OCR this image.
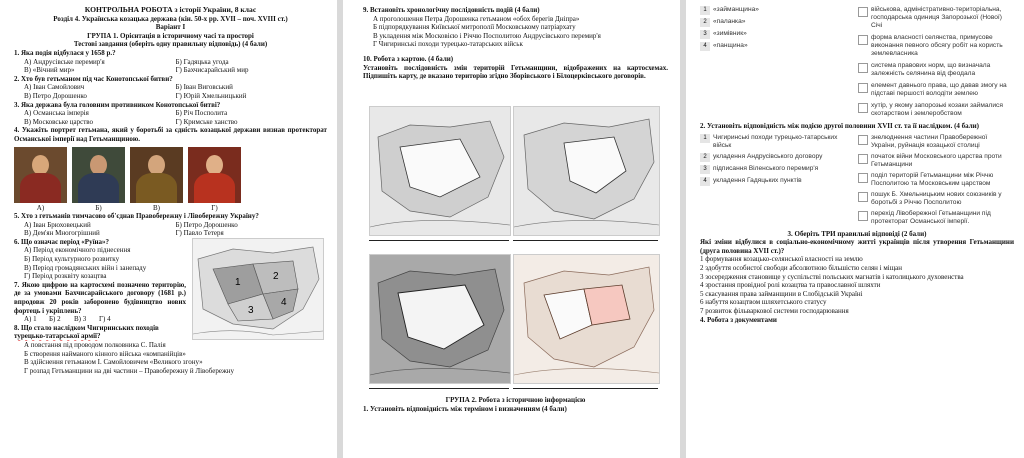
КОНТРОЛЬНА РОБОТА з історії України, 8 клас
Розділ 4. Українська козацька держава (кін. 50-х рр. XVII – поч. XVIII ст.)
Варіант І
ГРУПА 1. Орієнтація в історичному часі та просторі
Тестові завдання (оберіть одну правильну відповідь) (4 бали)
1. Яка подія відбулася у 1658 р.?
А) Андрусівське перемир'я	Б) Гадяцька угода
В) «Вічний мир»	Г) Бахчисарайський мир
2. Хто був гетьманом під час Конотопської битви?
А) Іван Самойлович	Б) Іван Виговський
В) Петро Дорошенко	Г) Юрій Хмельницький
3. Яка держава була головним противником Конотопської битві?
А) Османська імперія	Б) Річ Посполита
В) Московське царство	Г) Кримське ханство
4. Укажіть портрет гетьмана, який у боротьбі за єдність козацької держави визнав протекторат Османської імперії над Гетьманщиною.
А)	Б)	В)	Г)
5. Хто з гетьманів тимчасово об'єднав Правобережну і Лівобережну Україну?
А) Іван Брюховецький	Б) Петро Дорошенко
В) Дем'ян Многогрішний	Г) Павло Тетеря
6. Що означає період «Руїна»?
А) Період економічного піднесення
Б) Період культурного розвитку
В) Період громадянських війн і занепаду
Г) Період розквіту козацтва
7. Якою цифрою на картосхемі позначено територію, де за умовами Бахчисарайського договору (1681 р.) впродовж 20 років заборонено будівництво нових фортець і укріплень?
А) 1	Б) 2	В) 3	Г) 4
8. Що стало наслідком Чигиринських походів
1
2
3
4
турецько-татарської армії?
А повстання під проводом полковника С. Палія
Б створення найманого кінного війська «компанійців»
В здійснення гетьманом І. Самойловичем «Великого згону»
Г розпад Гетьманщини на дві частини – Правобережну й Лівобережну
9. Встановіть хронологічну послідовність подій (4 бали)
А проголошення Петра Дорошенка гетьманом «обох берегів Дніпра»
Б підпорядкування Київської митрополії Московському патріархату
В укладення між Московією і Річчю Посполитою Андрусівського перемир'я
Г Чигиринські походи турецько-татарських військ
10. Робота з картою. (4 бали)
Установіть послідовність змін територій Гетьманщини, відображених на картосхемах. Підпишіть карту, де вказано територію згідно Зборівського і Білоцерківського договорів.
ГРУПА 2. Робота з історичною інформацією
1. Установіть відповідність між терміном і визначенням (4 бали)
1 «займанщина»
2 «паланка»
3 «зимівник»
4 «панщина»
військова, адміністративно-територіальна, господарська одиниця Запорозької (Нової) Січі
форма власності селянства, примусове виконання певного обсягу робіт на користь землевласника
система правових норм, що визначала залежність селянина від феодала
елемент давнього права, що давав змогу на підставі першості володіти землею
хутір, у якому запорозькі козаки займалися скотарством і землеробством
2. Установіть відповідність між подією другої половини XVII ст. та її наслідком. (4 бали)
1 Чигиринські походи турецько-татарських військ
2 укладення Андрусівського договору
3 підписання Віленського перемир'я
4 укладення Гадяцьких пунктів
знелюднення частини Правобережної України, руйнація козацької столиці
початок війни Московського царства проти Гетьманщини
поділ територій Гетьманщини між Річчю Посполитою та Московським царством
пошук Б. Хмельницьким нових союзників у боротьбі з Річчю Посполитою
перехід Лівобережної Гетьманщини під протекторат Османської імперії.
3. Оберіть ТРИ правильні відповіді (2 бали)
Які зміни відбулися в соціально-економічному житті українців після утворення Гетьманщини (друга половина XVII ст.)?
1 формування козацько-селянської власності на землю
2 здобуття особистої свободи абсолютною більшістю селян і міщан
3 зосередження становище у суспільстві польських магнатів і католицького духовенства
4 зростання провідної ролі козацтва та православної шляхти
5 скасування права займанщини в Слобідській Україні
6 набуття козацтвом шляхетського статусу
7 розвиток фільваркової системи господарювання
4. Робота з документами
